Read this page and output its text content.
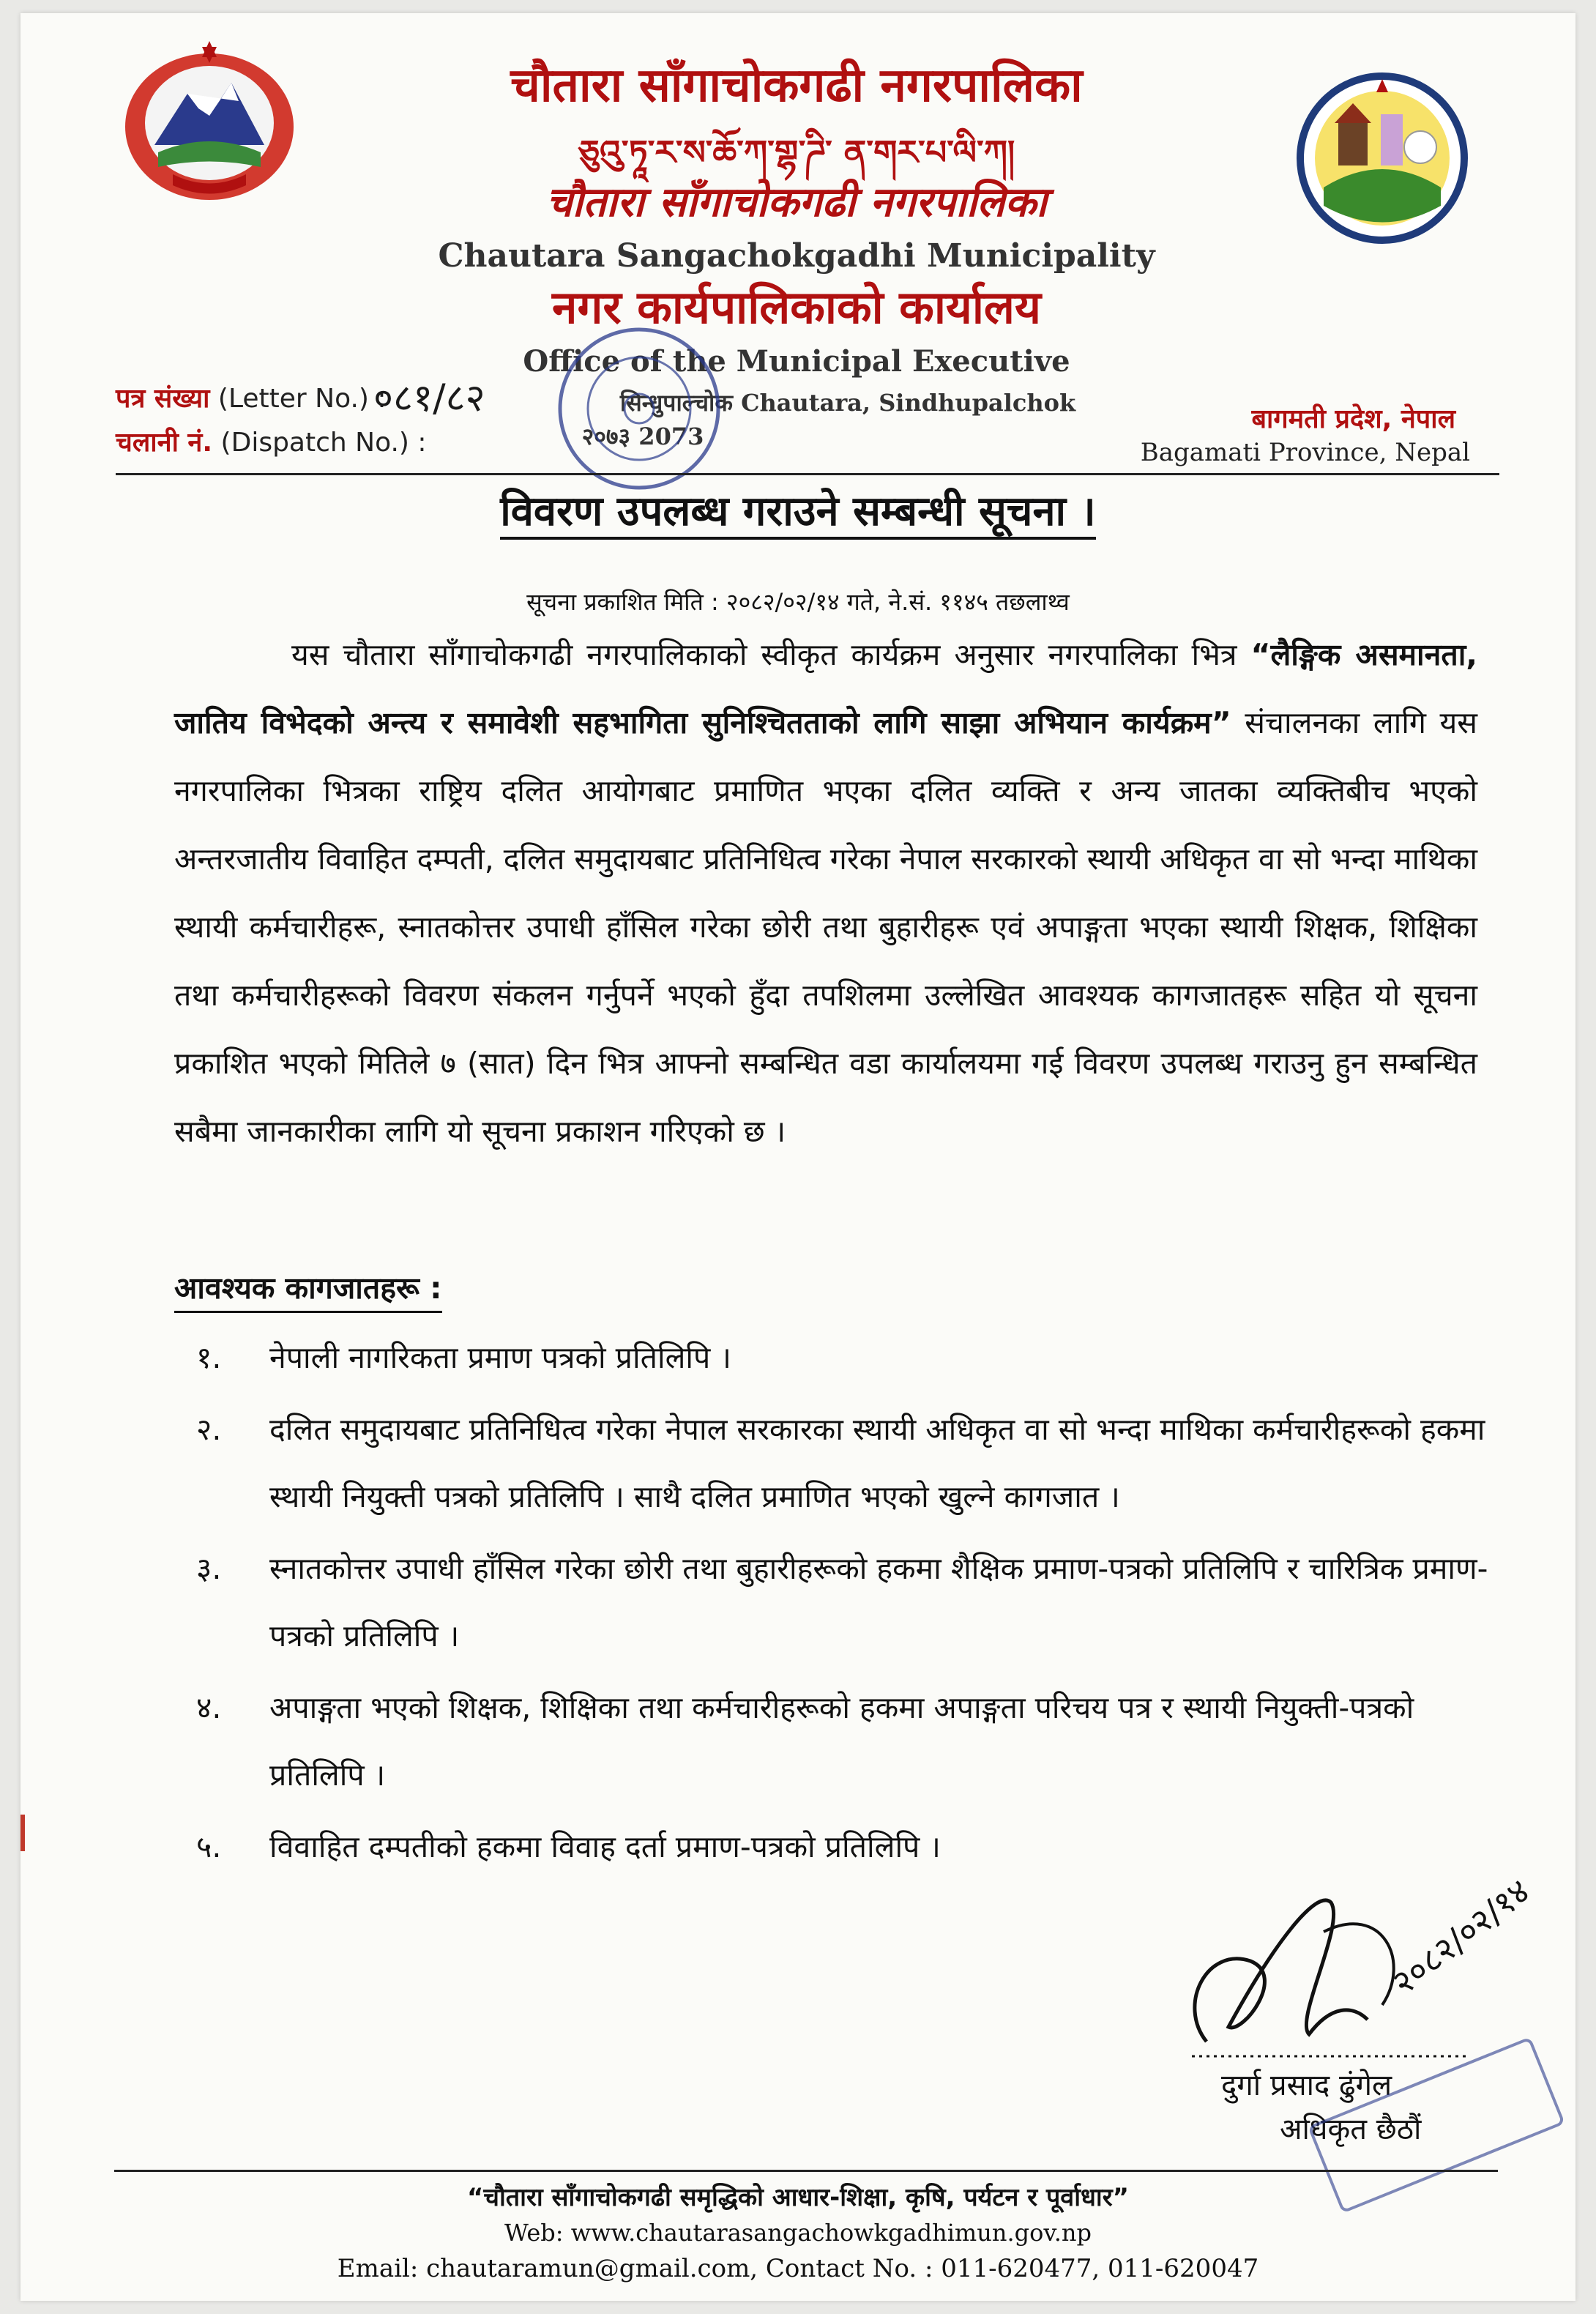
चौतारा साँगाचोकगढी नगरपालिका
ཅུའུ་ཏཱ་ར་ས་ཆོ་ཀ་གྷ་ཌི་ ན་གར་པ་ལི་ཀ།
चौतारा साँगाचोकगढी नगरपालिका
Chautara Sangachokgadhi Municipality
नगर कार्यपालिकाको कार्यालय
Office of the Municipal Executive
सिन्धुपाल्चोक Chautara, Sindhupalchok
२०७३ 2073
पत्र संख्या (Letter No.) :
०८१/८२
चलानी नं. (Dispatch No.) :
बागमती प्रदेश, नेपाल
Bagamati Province, Nepal
विवरण उपलब्ध गराउने सम्बन्धी सूचना ।
सूचना प्रकाशित मिति : २०८२/०२/१४ गते, ने.सं. ११४५ तछलाथ्व
यस चौतारा साँगाचोकगढी नगरपालिकाको स्वीकृत कार्यक्रम अनुसार नगरपालिका भित्र “लैङ्गिक असमानता, जातिय विभेदको अन्त्य र समावेशी सहभागिता सुनिश्चितताको लागि साझा अभियान कार्यक्रम” संचालनका लागि यस नगरपालिका भित्रका राष्ट्रिय दलित आयोगबाट प्रमाणित भएका दलित व्यक्ति र अन्य जातका व्यक्तिबीच भएको अन्तरजातीय विवाहित दम्पती, दलित समुदायबाट प्रतिनिधित्व गरेका नेपाल सरकारको स्थायी अधिकृत वा सो भन्दा माथिका स्थायी कर्मचारीहरू, स्नातकोत्तर उपाधी हाँसिल गरेका छोरी तथा बुहारीहरू एवं अपाङ्गता भएका स्थायी शिक्षक, शिक्षिका तथा कर्मचारीहरूको विवरण संकलन गर्नुपर्ने भएको हुँदा तपशिलमा उल्लेखित आवश्यक कागजातहरू सहित यो सूचना प्रकाशित भएको मितिले ७ (सात) दिन भित्र आफ्नो सम्बन्धित वडा कार्यालयमा गई विवरण उपलब्ध गराउनु हुन सम्बन्धित सबैमा जानकारीका लागि यो सूचना प्रकाशन गरिएको छ ।
आवश्यक कागजातहरू :
१. नेपाली नागरिकता प्रमाण पत्रको प्रतिलिपि ।
२. दलित समुदायबाट प्रतिनिधित्व गरेका नेपाल सरकारका स्थायी अधिकृत वा सो भन्दा माथिका कर्मचारीहरूको हकमा स्थायी नियुक्ती पत्रको प्रतिलिपि । साथै दलित प्रमाणित भएको खुल्ने कागजात ।
३. स्नातकोत्तर उपाधी हाँसिल गरेका छोरी तथा बुहारीहरूको हकमा शैक्षिक प्रमाण-पत्रको प्रतिलिपि र चारित्रिक प्रमाण-पत्रको प्रतिलिपि ।
४. अपाङ्गता भएको शिक्षक, शिक्षिका तथा कर्मचारीहरूको हकमा अपाङ्गता परिचय पत्र र स्थायी नियुक्ती-पत्रको प्रतिलिपि ।
५. विवाहित दम्पतीको हकमा विवाह दर्ता प्रमाण-पत्रको प्रतिलिपि ।
२०८२/०२/१४
दुर्गा प्रसाद ढुंगेल
अधिकृत छैठौं
“चौतारा साँगाचोकगढी समृद्धिको आधार-शिक्षा, कृषि, पर्यटन र पूर्वाधार”
Web: www.chautarasangachowkgadhimun.gov.np
Email: chautaramun@gmail.com, Contact No. : 011-620477, 011-620047
